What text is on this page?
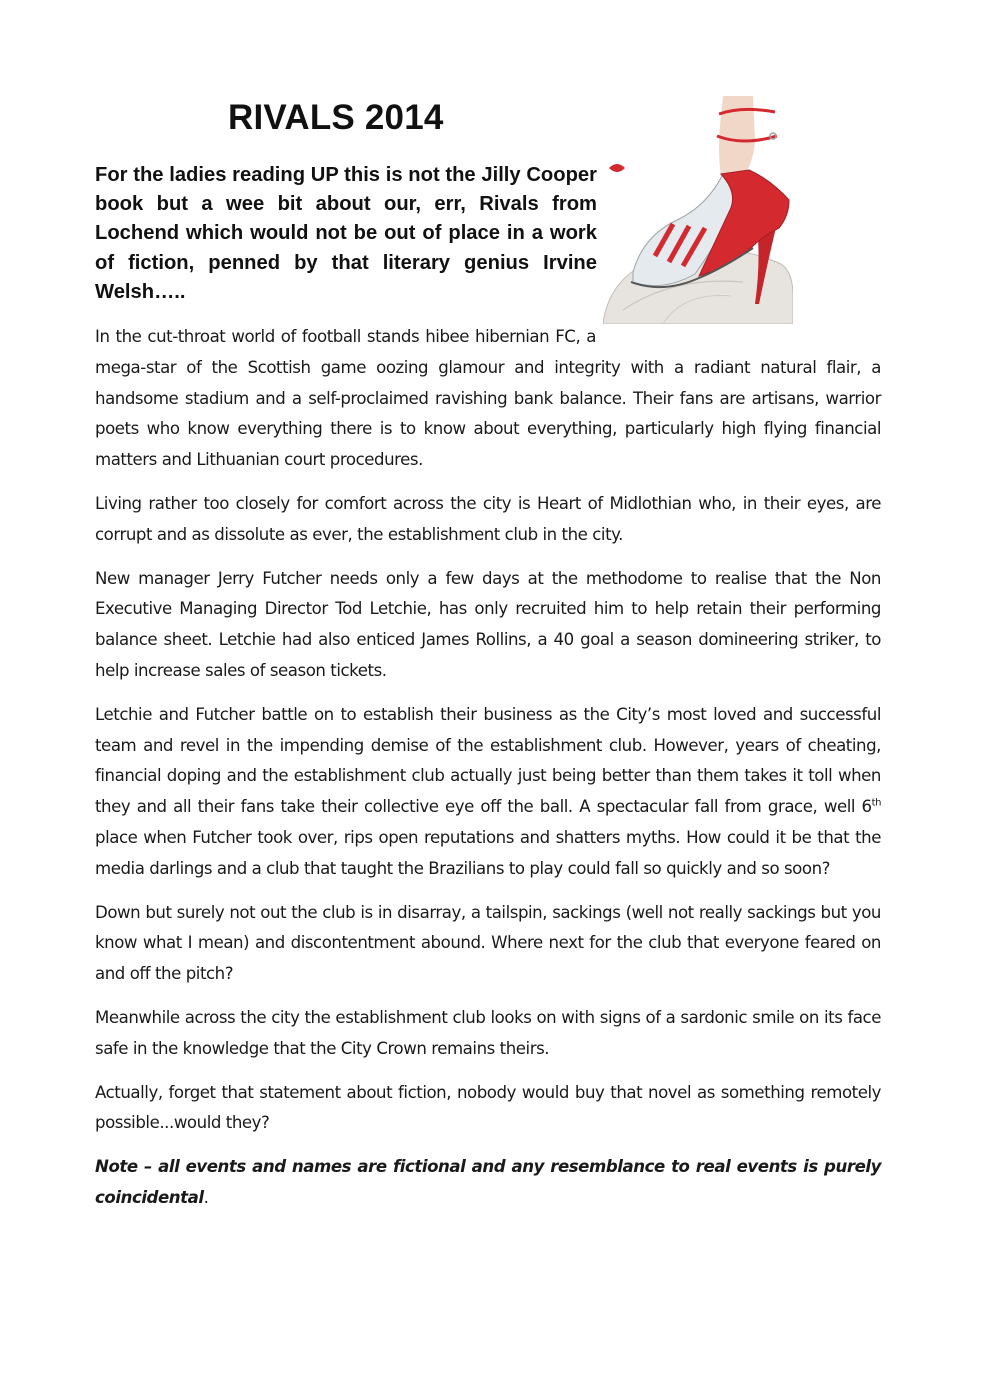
RIVALS 2014

For the ladies reading UP this is not the Jilly Cooper book but a wee bit about our, err, Rivals from Lochend which would not be out of place in a work of fiction, penned by that literary genius Irvine Welsh…..

In the cut-throat world of football stands hibee hibernian FC, a mega-star of the Scottish game oozing glamour and integrity with a radiant natural flair, a handsome stadium and a self-proclaimed ravishing bank balance. Their fans are artisans, warrior poets who know everything there is to know about everything, particularly high flying financial matters and Lithuanian court procedures.

Living rather too closely for comfort across the city is Heart of Midlothian who, in their eyes, are corrupt and as dissolute as ever, the establishment club in the city.

New manager Jerry Futcher needs only a few days at the methodome to realise that the Non Executive Managing Director Tod Letchie, has only recruited him to help retain their performing balance sheet. Letchie had also enticed James Rollins, a 40 goal a season domineering striker, to help increase sales of season tickets.

Letchie and Futcher battle on to establish their business as the City’s most loved and successful team and revel in the impending demise of the establishment club. However, years of cheating, financial doping and the establishment club actually just being better than them takes it toll when they and all their fans take their collective eye off the ball. A spectacular fall from grace, well 6th place when Futcher took over, rips open reputations and shatters myths. How could it be that the media darlings and a club that taught the Brazilians to play could fall so quickly and so soon?

Down but surely not out the club is in disarray, a tailspin, sackings (well not really sackings but you know what I mean) and discontentment abound. Where next for the club that everyone feared on and off the pitch?

Meanwhile across the city the establishment club looks on with signs of a sardonic smile on its face safe in the knowledge that the City Crown remains theirs.

Actually, forget that statement about fiction, nobody would buy that novel as something remotely possible...would they?

Note – all events and names are fictional and any resemblance to real events is purely coincidental.
